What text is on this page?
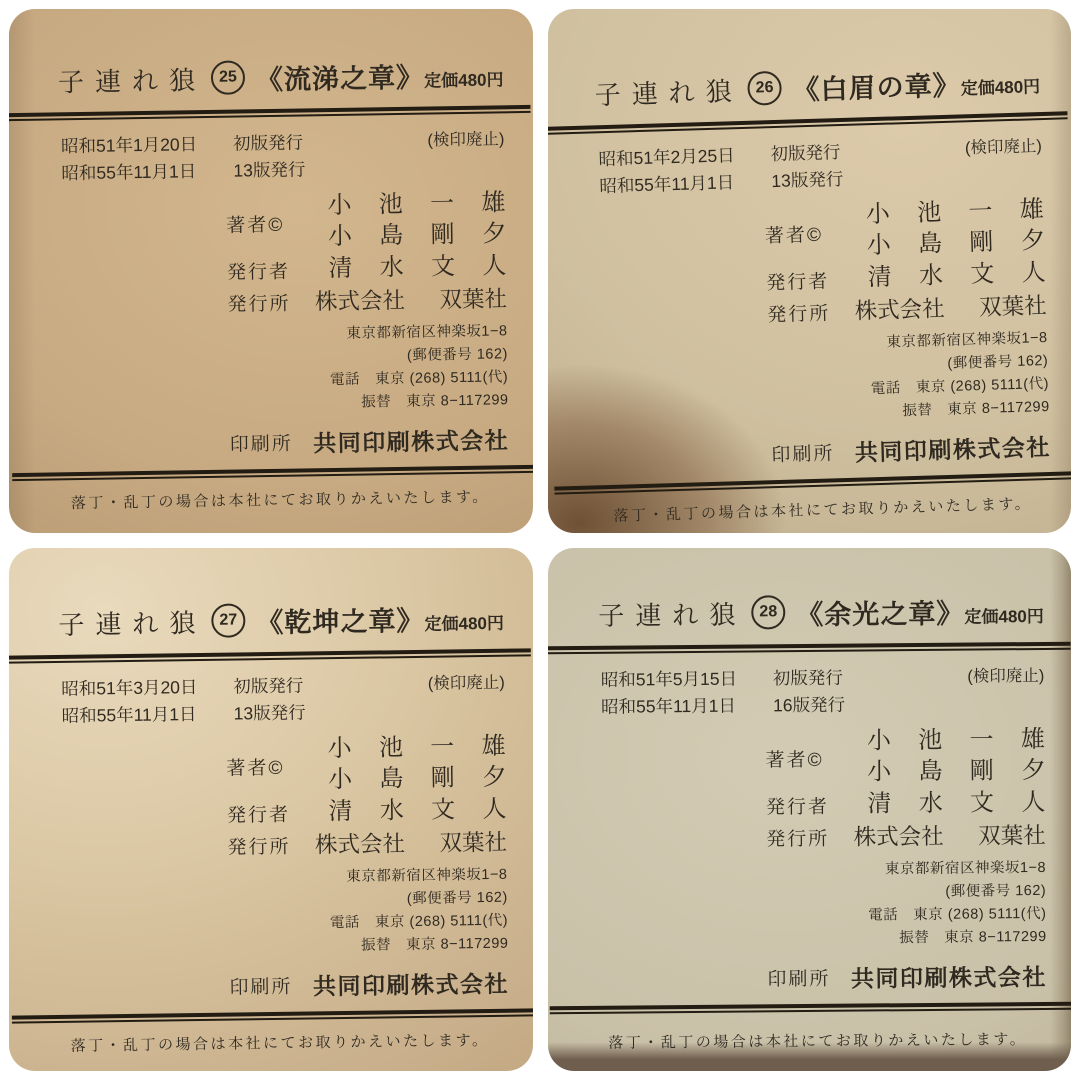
子連れ狼 25 《流涕之章》 定価480円
昭和51年1月20日	初版発行
昭和55年11月1日	13版発行
(検印廃止)
著者©
小 池 一 雄
小 島 剛 夕
発行者 清 水 文 人
発行所 株式会社 双葉社
東京都新宿区神楽坂1−8
(郵便番号 162)
電話　東京 (268) 5111(代)
振替　東京 8−117299
印刷所 共同印刷株式会社
落丁・乱丁の場合は本社にてお取りかえいたします。
子連れ狼 26 《白眉の章》 定価480円
昭和51年2月25日	初版発行
昭和55年11月1日	13版発行
(検印廃止)
著者©
小 池 一 雄
小 島 剛 夕
発行者 清 水 文 人
発行所 株式会社 双葉社
東京都新宿区神楽坂1−8
(郵便番号 162)
電話　東京 (268) 5111(代)
振替　東京 8−117299
印刷所 共同印刷株式会社
落丁・乱丁の場合は本社にてお取りかえいたします。
子連れ狼 27 《乾坤之章》 定価480円
昭和51年3月20日	初版発行
昭和55年11月1日	13版発行
(検印廃止)
著者©
小 池 一 雄
小 島 剛 夕
発行者 清 水 文 人
発行所 株式会社 双葉社
東京都新宿区神楽坂1−8
(郵便番号 162)
電話　東京 (268) 5111(代)
振替　東京 8−117299
印刷所 共同印刷株式会社
落丁・乱丁の場合は本社にてお取りかえいたします。
子連れ狼 28 《余光之章》 定価480円
昭和51年5月15日	初版発行
昭和55年11月1日	16版発行
(検印廃止)
著者©
小 池 一 雄
小 島 剛 夕
発行者 清 水 文 人
発行所 株式会社 双葉社
東京都新宿区神楽坂1−8
(郵便番号 162)
電話　東京 (268) 5111(代)
振替　東京 8−117299
印刷所 共同印刷株式会社
落丁・乱丁の場合は本社にてお取りかえいたします。
